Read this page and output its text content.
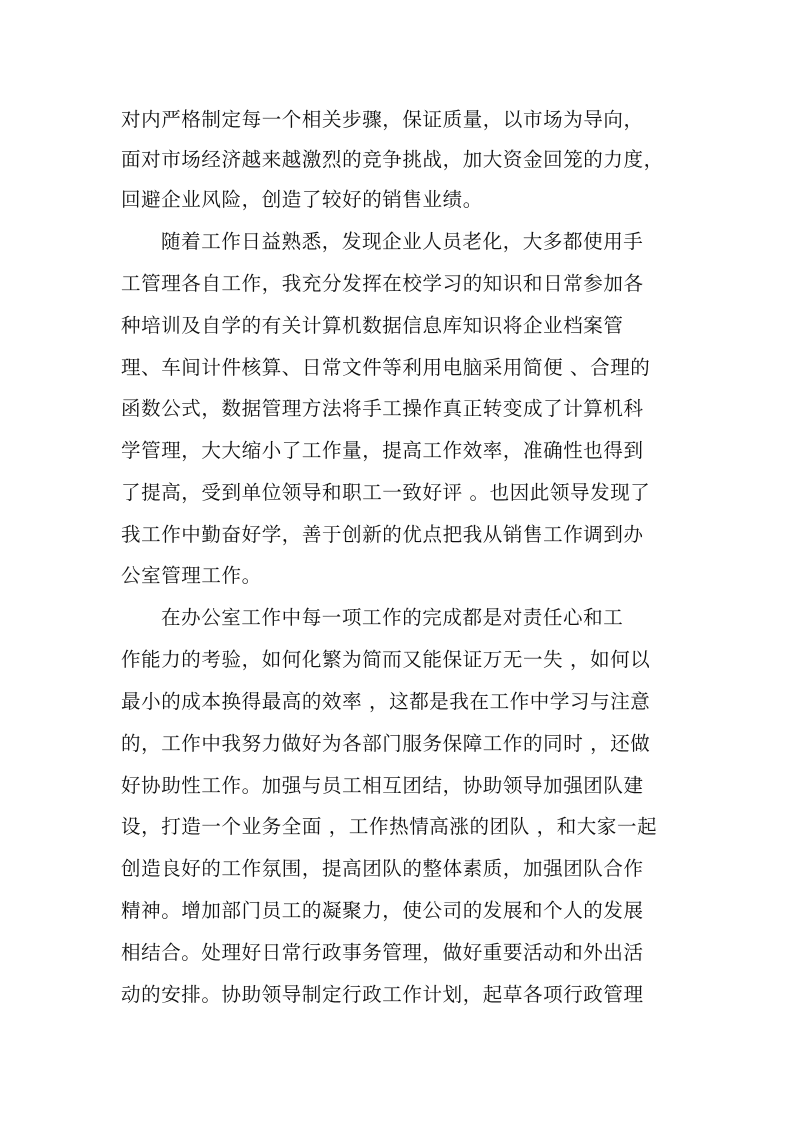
对内严格制定每一个相关步骤，保证质量，以市场为导向，
面对市场经济越来越激烈的竞争挑战，加大资金回笼的力度，
回避企业风险，创造了较好的销售业绩。
随着工作日益熟悉，发现企业人员老化，大多都使用手
工管理各自工作，我充分发挥在校学习的知识和日常参加各
种培训及自学的有关计算机数据信息库知识将企业档案管
理、车间计件核算、日常文件等利用电脑采用简便 、合理的
函数公式，数据管理方法将手工操作真正转变成了计算机科
学管理，大大缩小了工作量，提高工作效率，准确性也得到
了提高，受到单位领导和职工一致好评 。也因此领导发现了
我工作中勤奋好学，善于创新的优点把我从销售工作调到办
公室管理工作。
在办公室工作中每一项工作的完成都是对责任心和工
作能力的考验，如何化繁为简而又能保证万无一失 ，如何以
最小的成本换得最高的效率 ，这都是我在工作中学习与注意
的，工作中我努力做好为各部门服务保障工作的同时 ，还做
好协助性工作。加强与员工相互团结，协助领导加强团队建
设，打造一个业务全面 ，工作热情高涨的团队 ，和大家一起
创造良好的工作氛围，提高团队的整体素质，加强团队合作
精神。增加部门员工的凝聚力，使公司的发展和个人的发展
相结合。处理好日常行政事务管理，做好重要活动和外出活
动的安排。协助领导制定行政工作计划，起草各项行政管理
